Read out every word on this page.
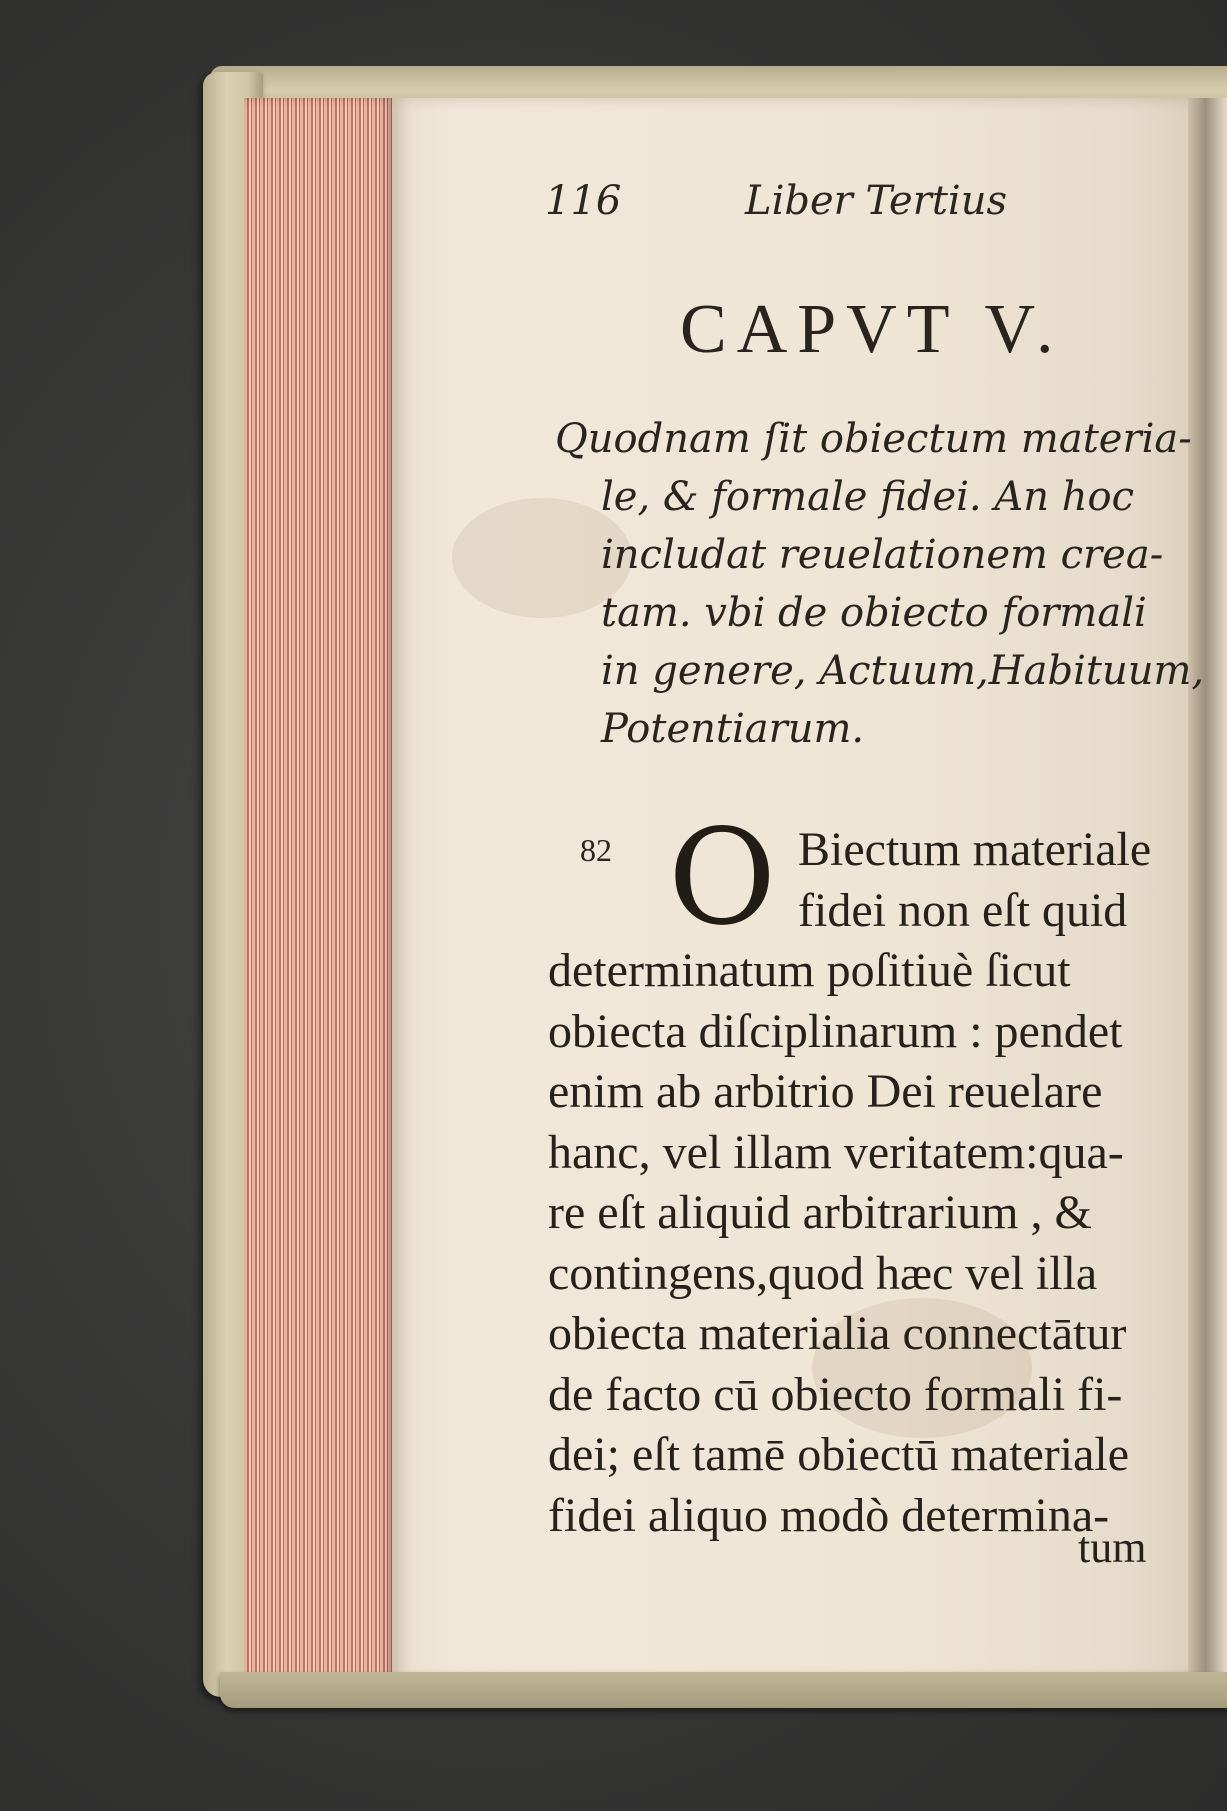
116	Liber Tertius
CAPVT V.
Quodnam ſit obiectum materia-
le, & formale fidei. An hoc
includat reuelationem crea-
tam. vbi de obiecto formali
in genere, Actuum,Habituum,
Potentiarum.
82 O Biectum materiale
fidei non eſt quid
determinatum poſitiuè ſicut
obiecta diſciplinarum : pendet
enim ab arbitrio Dei reuelare
hanc, vel illam veritatem:qua-
re eſt aliquid arbitrarium , &
contingens,quod hæc vel illa
obiecta materialia connectātur
de facto cū obiecto formali fi-
dei; eſt tamē obiectū materiale
fidei aliquo modò determina-
tum
